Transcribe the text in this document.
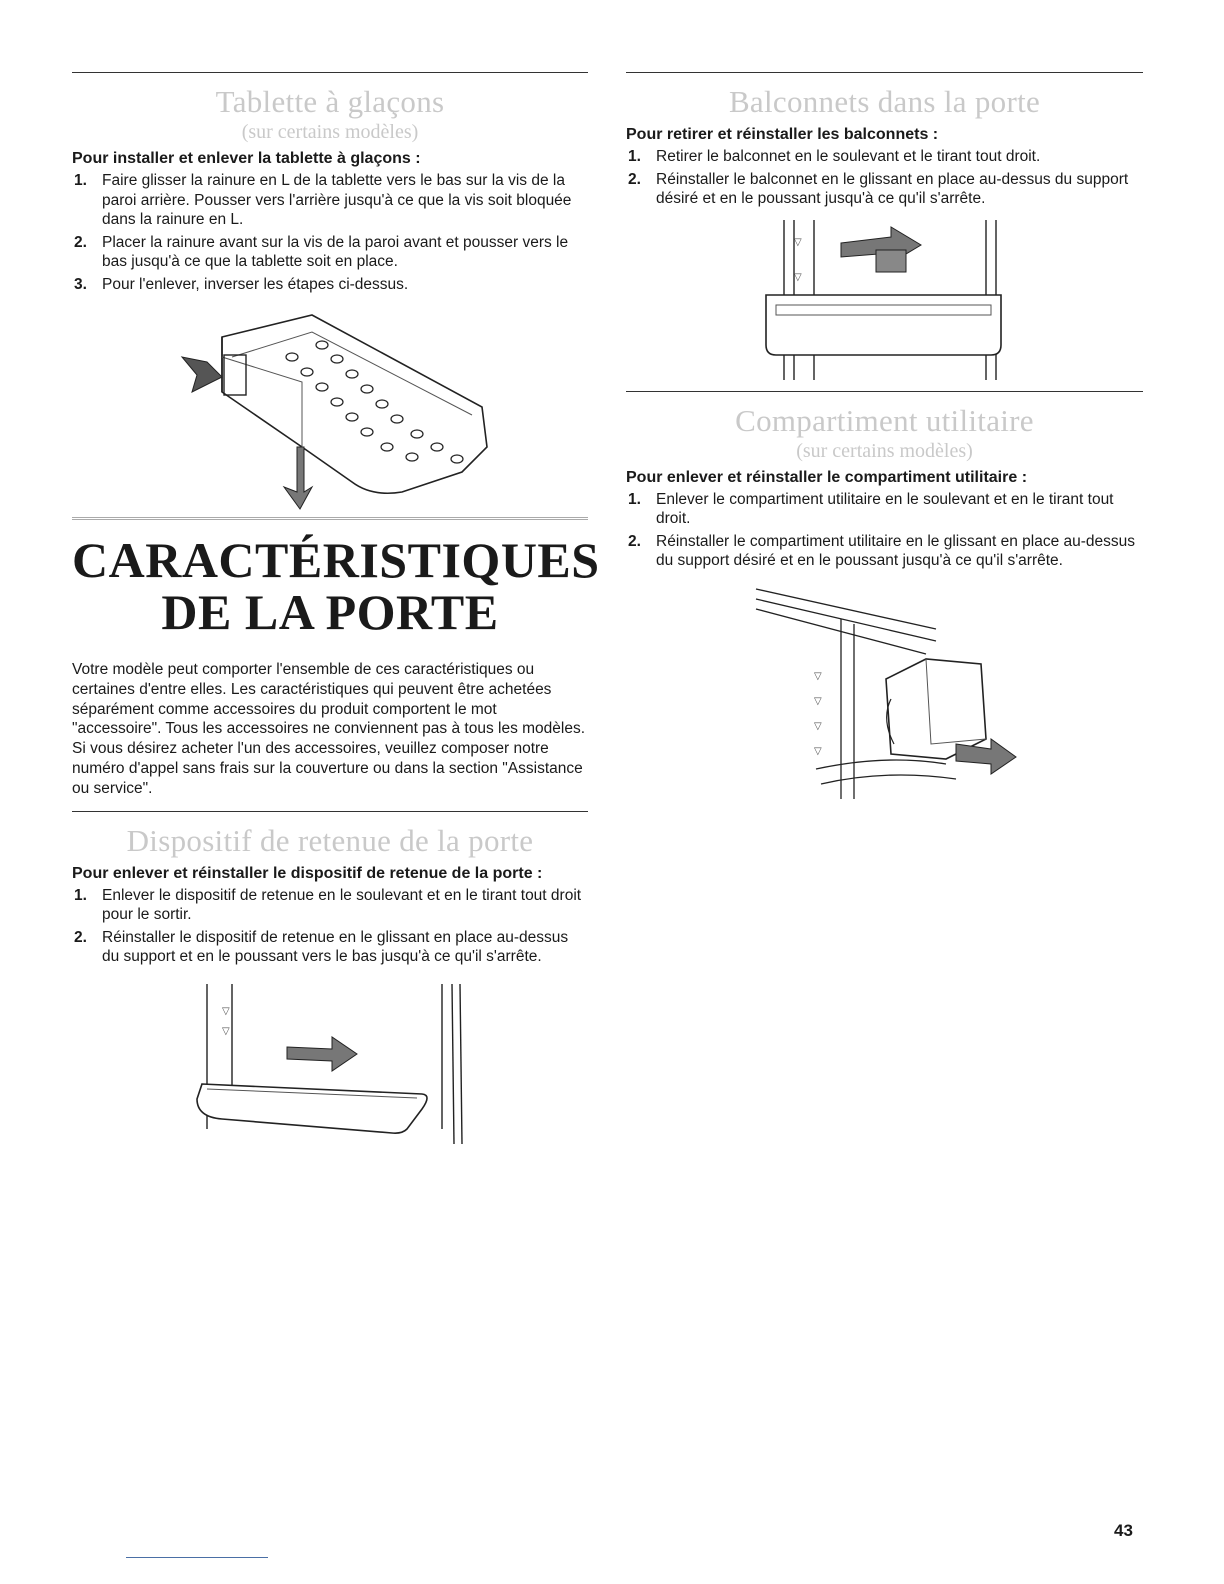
Tablette à glaçons
(sur certains modèles)
Pour installer et enlever la tablette à glaçons :
1. Faire glisser la rainure en L de la tablette vers le bas sur la vis de la paroi arrière. Pousser vers l'arrière jusqu'à ce que la vis soit bloquée dans la rainure en L.
2. Placer la rainure avant sur la vis de la paroi avant et pousser vers le bas jusqu'à ce que la tablette soit en place.
3. Pour l'enlever, inverser les étapes ci-dessus.
CARACTÉRISTIQUES
DE LA PORTE
Votre modèle peut comporter l'ensemble de ces caractéristiques ou certaines d'entre elles. Les caractéristiques qui peuvent être achetées séparément comme accessoires du produit comportent le mot "accessoire". Tous les accessoires ne conviennent pas à tous les modèles. Si vous désirez acheter l'un des accessoires, veuillez composer notre numéro d'appel sans frais sur la couverture ou dans la section "Assistance ou service".
Dispositif de retenue de la porte
Pour enlever et réinstaller le dispositif de retenue de la porte :
1. Enlever le dispositif de retenue en le soulevant et en le tirant tout droit pour le sortir.
2. Réinstaller le dispositif de retenue en le glissant en place au-dessus du support et en le poussant vers le bas jusqu'à ce qu'il s'arrête.
▽
▽
Balconnets dans la porte
Pour retirer et réinstaller les balconnets :
1. Retirer le balconnet en le soulevant et le tirant tout droit.
2. Réinstaller le balconnet en le glissant en place au-dessus du support désiré et en le poussant jusqu'à ce qu'il s'arrête.
▽
▽
Compartiment utilitaire
(sur certains modèles)
Pour enlever et réinstaller le compartiment utilitaire :
1. Enlever le compartiment utilitaire en le soulevant et en le tirant tout droit.
2. Réinstaller le compartiment utilitaire en le glissant en place au-dessus du support désiré et en le poussant jusqu'à ce qu'il s'arrête.
▽
▽
▽
▽
43
